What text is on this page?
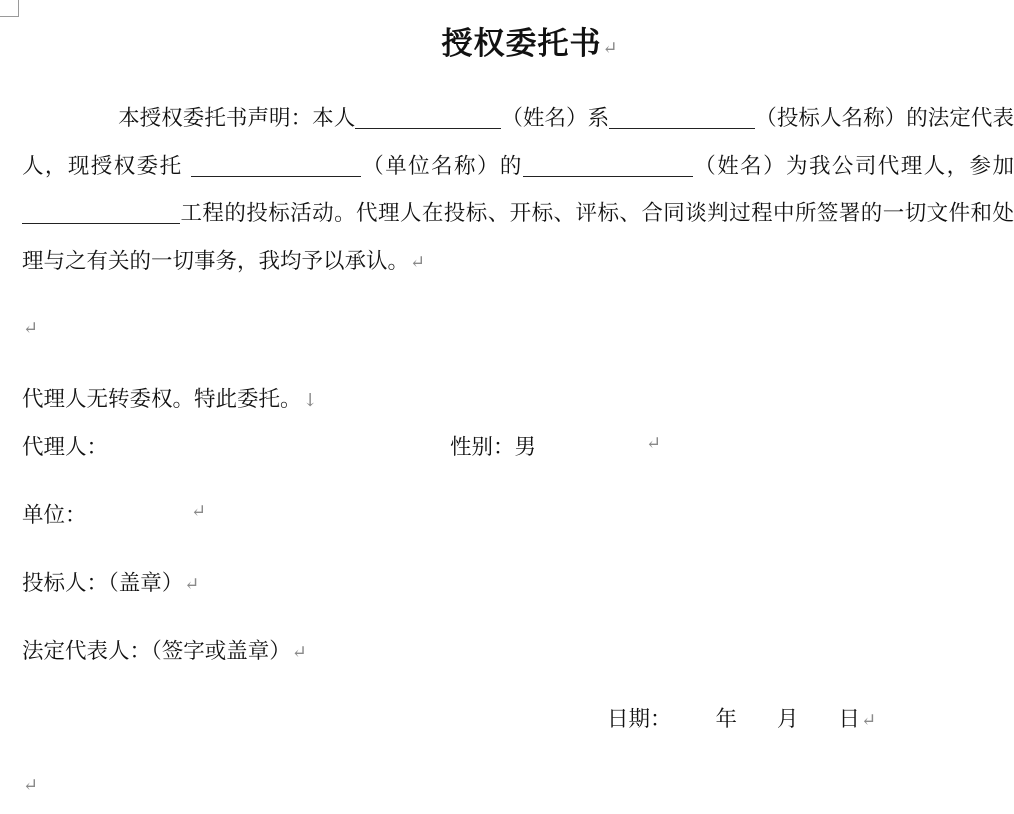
授权委托书↵
本授权委托书声明：本人	（姓名）系	（投标人名称）的法定代表人，现授权委托	（单位名称）的	（姓名）为我公司代理人，参加工程的投标活动。代理人在投标、开标、评标、合同谈判过程中所签署的一切文件和处理与之有关的一切事务，我均予以承认。↵
↵
代理人无转委权。特此委托。↓
代理人：	性别：男	↵
单位：	↵
投标人：（盖章）↵
法定代表人：（签字或盖章）↵
日期： 年 月 日↵
↵
